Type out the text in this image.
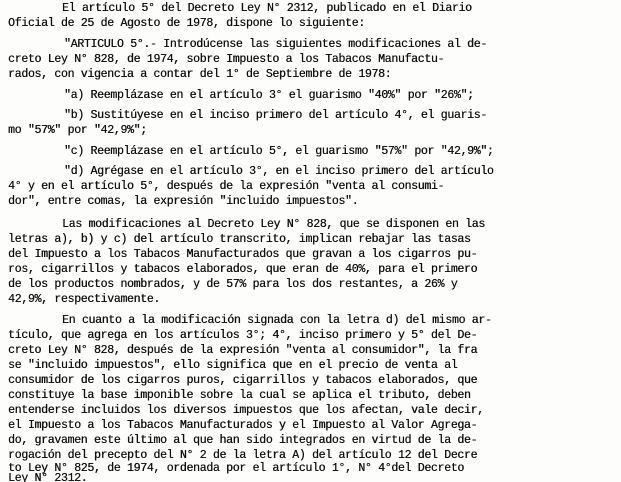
El artículo 5° del Decreto Ley N° 2312, publicado en el Diario
Oficial de 25 de Agosto de 1978, dispone lo siguiente:
"ARTICULO 5°.- Introdúcense las siguientes modificaciones al de-
creto Ley N° 828, de 1974, sobre Impuesto a los Tabacos Manufactu-
rados, con vigencia a contar del 1° de Septiembre de 1978:
"a) Reemplázase en el artículo 3° el guarismo "40%" por "26%";
"b) Sustitúyese en el inciso primero del artículo 4°, el guaris-
mo "57%" por "42,9%";
"c) Reemplázase en el artículo 5°, el guarismo "57%" por "42,9%";
"d) Agrégase en el artículo 3°, en el inciso primero del artículo
4° y en el artículo 5°, después de la expresión "venta al consumi-
dor", entre comas, la expresión "incluido impuestos".
Las modificaciones al Decreto Ley N° 828, que se disponen en las
letras a), b) y c) del artículo transcrito, implican rebajar las tasas
del Impuesto a los Tabacos Manufacturados que gravan a los cigarros pu-
ros, cigarrillos y tabacos elaborados, que eran de 40%, para el primero
de los productos nombrados, y de 57% para los dos restantes, a 26% y
42,9%, respectivamente.
En cuanto a la modificación signada con la letra d) del mismo ar-
tículo, que agrega en los artículos 3°; 4°, inciso primero y 5° del De-
creto Ley N° 828, después de la expresión "venta al consumidor", la fra
se "incluido impuestos", ello significa que en el precio de venta al
consumidor de los cigarros puros, cigarrillos y tabacos elaborados, que
constituye la base imponible sobre la cual se aplica el tributo, deben
entenderse incluidos los diversos impuestos que los afectan, vale decir,
el Impuesto a los Tabacos Manufacturados y el Impuesto al Valor Agrega-
do, gravamen este último al que han sido integrados en virtud de la de-
rogación del precepto del N° 2 de la letra A) del artículo 12 del Decre
to Ley N° 825, de 1974, ordenada por el artículo 1°, N° 4°del Decreto
Ley N° 2312.
